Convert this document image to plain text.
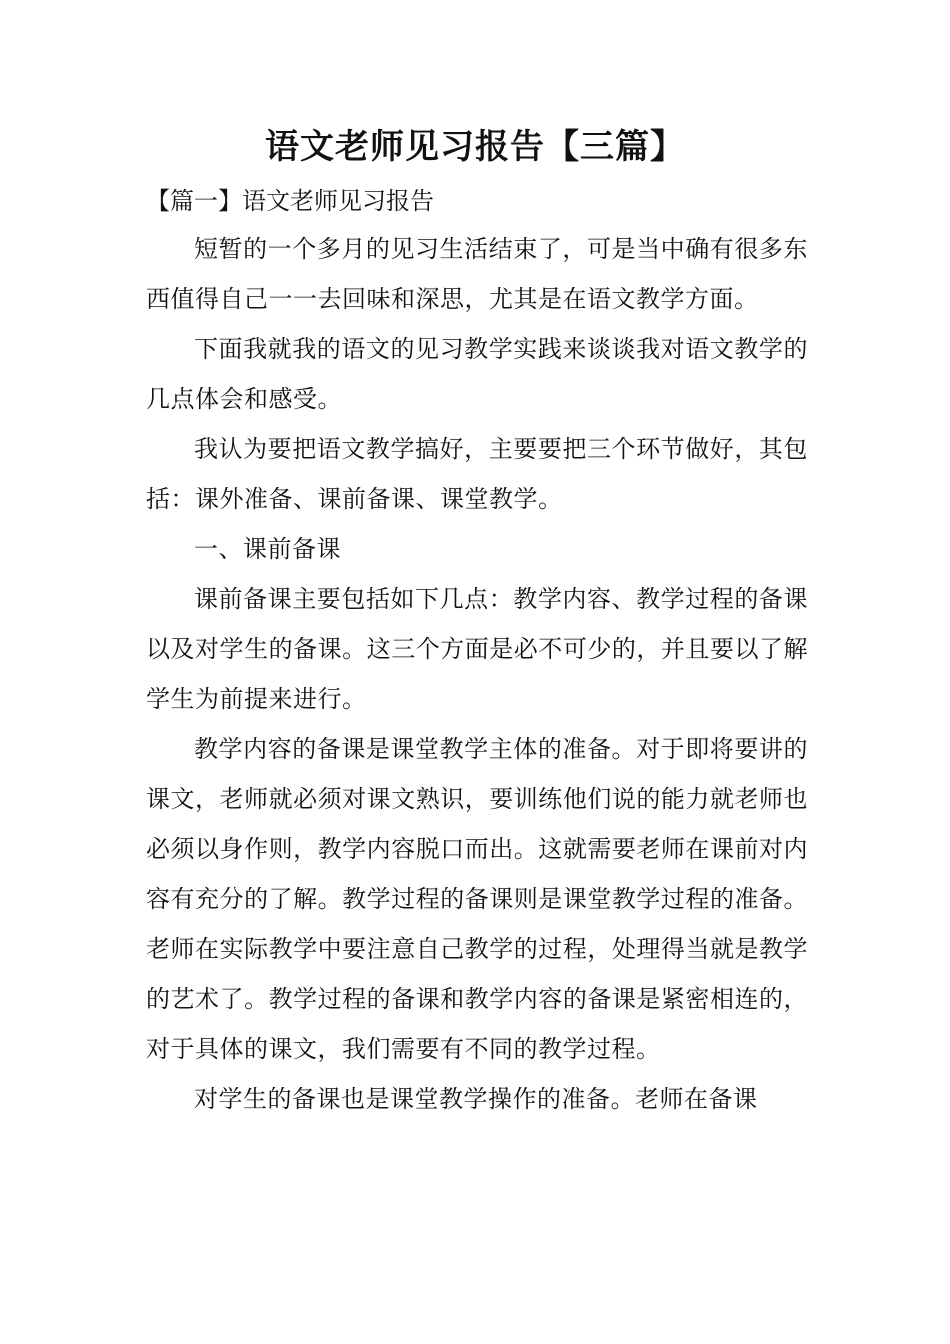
语文老师见习报告【三篇】
【篇一】语文老师见习报告

短暂的一个多月的见习生活结束了，可是当中确有很多东西值得自己一一去回味和深思，尤其是在语文教学方面。

下面我就我的语文的见习教学实践来谈谈我对语文教学的几点体会和感受。

我认为要把语文教学搞好，主要要把三个环节做好，其包括：课外准备、课前备课、课堂教学。

一、课前备课

课前备课主要包括如下几点：教学内容、教学过程的备课以及对学生的备课。这三个方面是必不可少的，并且要以了解学生为前提来进行。

教学内容的备课是课堂教学主体的准备。对于即将要讲的课文，老师就必须对课文熟识，要训练他们说的能力就老师也必须以身作则，教学内容脱口而出。这就需要老师在课前对内容有充分的了解。教学过程的备课则是课堂教学过程的准备。老师在实际教学中要注意自己教学的过程，处理得当就是教学的艺术了。教学过程的备课和教学内容的备课是紧密相连的，对于具体的课文，我们需要有不同的教学过程。

对学生的备课也是课堂教学操作的准备。老师在备课
